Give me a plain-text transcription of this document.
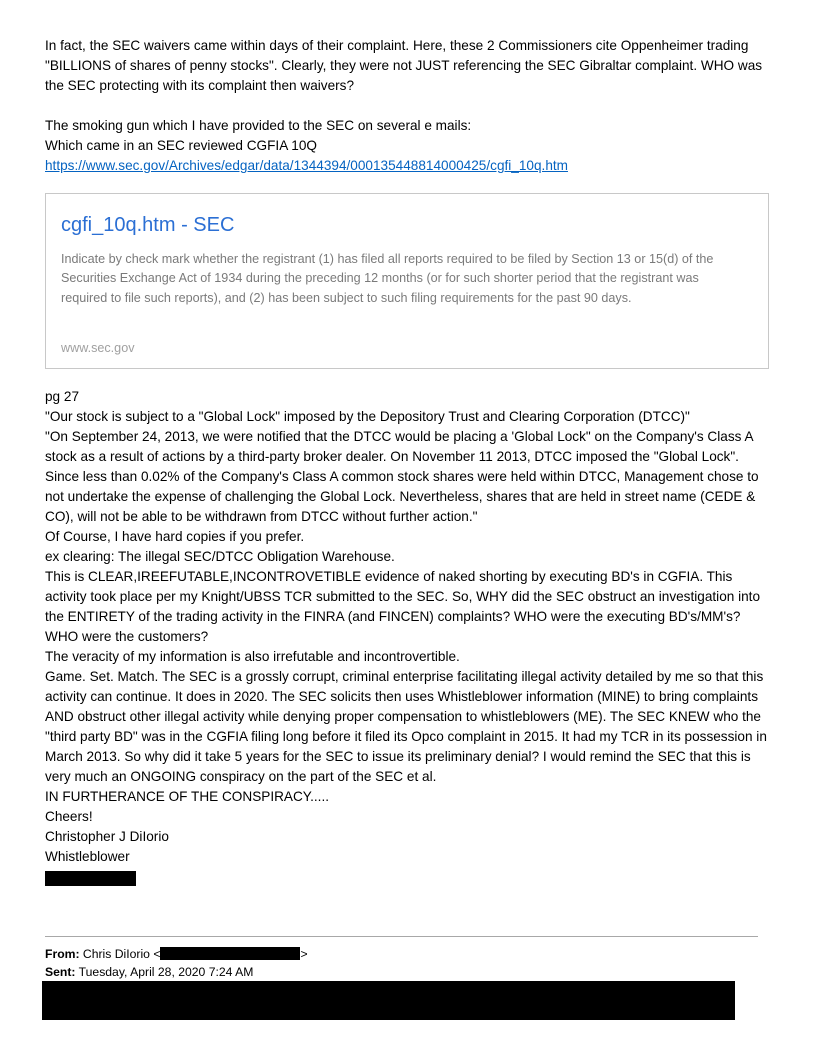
In fact, the SEC waivers came within days of their complaint. Here, these 2 Commissioners cite Oppenheimer trading "BILLIONS of shares of penny stocks". Clearly, they were not JUST referencing the SEC Gibraltar complaint. WHO was the SEC protecting with its complaint then waivers?

The smoking gun which I have provided to the SEC on several e mails:

Which came in an SEC reviewed CGFIA 10Q

https://www.sec.gov/Archives/edgar/data/1344394/000135448814000425/cgfi_10q.htm

cgfi_10q.htm - SEC
Indicate by check mark whether the registrant (1) has filed all reports required to be filed by Section 13 or 15(d) of the Securities Exchange Act of 1934 during the preceding 12 months (or for such shorter period that the registrant was required to file such reports), and (2) has been subject to such filing requirements for the past 90 days.
www.sec.gov

pg 27

"Our stock is subject to a "Global Lock" imposed by the Depository Trust and Clearing Corporation (DTCC)"

"On September 24, 2013, we were notified that the DTCC would be placing a 'Global Lock" on the Company's Class A stock as a result of actions by a third-party broker dealer. On November 11 2013, DTCC imposed the "Global Lock". Since less than 0.02% of the Company's Class A common stock shares were held within DTCC, Management chose to not undertake the expense of challenging the Global Lock. Nevertheless, shares that are held in street name (CEDE & CO), will not be able to be withdrawn from DTCC without further action."

Of Course, I have hard copies if you prefer.

ex clearing: The illegal SEC/DTCC Obligation Warehouse.

This is CLEAR,IREEFUTABLE,INCONTROVETIBLE evidence of naked shorting by executing BD's in CGFIA. This activity took place per my Knight/UBSS TCR submitted to the SEC. So, WHY did the SEC obstruct an investigation into the ENTIRETY of the trading activity in the FINRA (and FINCEN) complaints? WHO were the executing BD's/MM's? WHO were the customers?

The veracity of my information is also irrefutable and incontrovertible.

Game. Set. Match. The SEC is a grossly corrupt, criminal enterprise facilitating illegal activity detailed by me so that this activity can continue. It does in 2020. The SEC solicits then uses Whistleblower information (MINE) to bring complaints AND obstruct other illegal activity while denying proper compensation to whistleblowers (ME). The SEC KNEW who the "third party BD" was in the CGFIA filing long before it filed its Opco complaint in 2015. It had my TCR in its possession in March 2013. So why did it take 5 years for the SEC to issue its preliminary denial? I would remind the SEC that this is very much an ONGOING conspiracy on the part of the SEC et al.

IN FURTHERANCE OF THE CONSPIRACY.....

Cheers!

Christopher J DiIorio

Whistleblower

From: Chris DiIorio <	>
Sent: Tuesday, April 28, 2020 7:24 AM
